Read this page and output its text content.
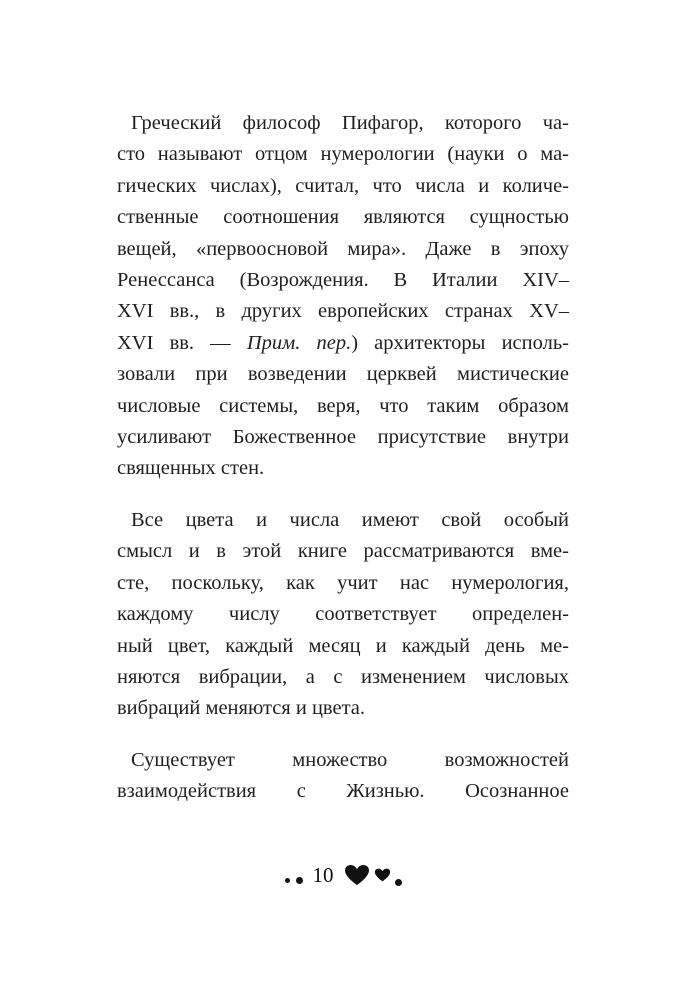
Греческий философ Пифагор, которого ча-
сто называют отцом нумерологии (науки о ма-
гических числах), считал, что числа и количе-
ственные соотношения являются сущностью
вещей, «первоосновой мира». Даже в эпоху
Ренессанса (Возрождения. В Италии XIV–
XVI вв., в других европейских странах XV–
XVI вв. — Прим. пер.) архитекторы исполь-
зовали при возведении церквей мистические
числовые системы, веря, что таким образом
усиливают Божественное присутствие внутри
священных стен.
Все цвета и числа имеют свой особый
смысл и в этой книге рассматриваются вме-
сте, поскольку, как учит нас нумерология,
каждому числу соответствует определен-
ный цвет, каждый месяц и каждый день ме-
няются вибрации, а с изменением числовых
вибраций меняются и цвета.
Существует множество возможностей
взаимодействия с Жизнью. Осознанное
10
